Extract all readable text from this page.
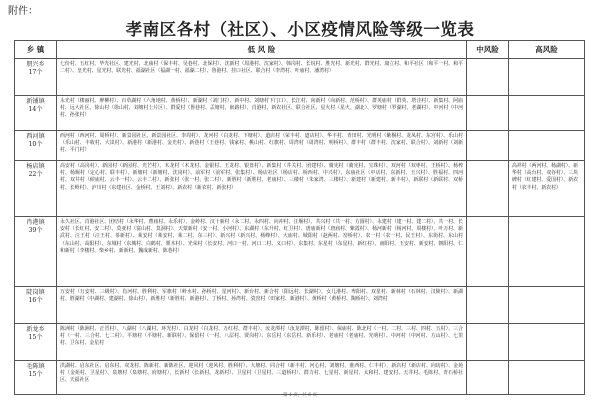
附件：
孝南区各村（社区）、小区疫情风险等级一览表
乡 镇	低 风 险	中风险	高风险
朋兴乡
17个	七份村、五红村、毕光社区、建光村、北庙村（保丰村、吴巷村、北保村）、沈新村（周港村、沈家村）、韩岗村、长垸村、胜光村、新光村、群光村、康立村、和平社区（和平一村、和平二村）、皇光村、星光村、联光村、福湖社区（福湖一村、福湖二村）、鲁港村、挂口社区、联合村（李湾村、叶庙村、潘湾村）		
新铺镇
14个	永光村（楼丽村、廖柳村）、百草湖村（六角地村、黄桥村）、新湖村（刘门村）、新中村、刘塘村下门口）、长江村、向新村（向新村、范桥村）、群英庙村（群英、塔洼村）、新集村、阿庙村、远大社区、徐山村（徐山村、刘塘村上片区）、群爱村（鲁巷村、盂塘村、嵌路村）、肖港村、新农社区、联合社区、星火村（星火、湖北）、罗塘村（罗湖村、老湖村）、中河村（中河村、孙张村）		
西河镇
10个	西河村（西河村、周桥村）、新景园社区、新景园社区、李周村）、龙河村（白龙村、下塘村）、道店村（荣丰村、道店村）、华丰村、青田村、光明村（紫桐村、龙凤村、东宫村）、乐山村（乐山村、丰收村、大岚村）、新港村（新港村、金光村）、新巷村（王巷村、钱家村、桃山村、红旗村、周湾村（周湾村、明桥村）、群丰村（群丰村、沈家村、联合村）、刘新村（刘新村、平门村）		
杨店镇
22个	高安村（高岗村）、新园村（新园村、光芒村）、木龙村（木龙村、金银村、玉龙村、银盘村）、新集村（井关村、团建村）、骑宪村（骑宪村、宝珠村）、双河村（双枣村、王桥村）、杨榨村、杨堰村（定心村、联丰村）、新塘村（新塘村、沈岗村）、前军村（前军村、张集村）、杨店社区（杨店村、桥西村、中兴村）、东庙社区（中店村、东新村、玉兴村）、胜福村、四河村、双井村（候庙村、云丰一村）、云丰二村）、新张村（张一村、张二村）、新胜村（新胜村、老庙村）、三楼村（朱家湾、三楼村）、新建村（新建村、新丰村）、新联村（新联村、双桥村、长岭村）、泸川村（东建社区、金桥村、王刘村）、新农村（新农村、新张村）		高祥村（两河村、杨湖村）、新华村（高台村、双谷村）、三块碑村（红建村、爱国村）、新农村（农丰村、新农村）
肖港镇
39个	永久社区、肖港社区、团结村（永华村、曹庙村、永乐村）、金岭村、汉十新村（永二村、永四村、向冲村、汪堰村）、共兴村（共一村、方圆村）、永建村（建一村、建二村）、共一村、长安村（长红村、安二村）、莫亚村（富山村、莫洞村）、天蒙新村（安一村、小河村）、东湖村（东升村、红卫村）、唐庙新村（唐庙村、紫霞村）、杨河新村（杨河村、周楼村）、叶万村、新武村、汪王村（汪王村、茶新村）、莱安村（莱安村、莱二村、东三村）、新兴村（新兴村、杨峰村）、大庙村、城阳村（赵两村、窑桥村）、农一村（农一村、民王村）、东街村、东山村（东山村、高阳村）、东城村（东城村、白鹤村、栗木村）、光荣村（长安村、河口一村、河口二村、义口村）、东集村、东星村（东星村、新红村）、南阳村、玉安村、新安村、朝阳村、仁和新村（李楼村、柴乡村、新新村、魏成新村、陈巷村）		
陡岗镇
16个	万安村（万安村、三级村）、肖河村、胜利村、军旗村（岭水村、孙桥村、星河村）、新台村、新合村（阳远村、长湖村）、女儿港村、卑阳村、双星村、新林村（石林村、汉陵村）、新湖村、胜湖村（中湖村、建湖村、徐山村）、新胜村（新胜村、新港村）、丁桥村、孙湾村、瓷窑村（田家村、新港村）、黄桥村（黄桥村、陶桥村）、刘湾村		
新龙乡
15个	陈洲村（陈洲村、正晋村）、八湖村（八湖村、环光村）、白龙村（白龙村、万红村、群丰村）、汝龙潭村（汝龙潭村、陈留村）、保庙村、陈北村（一村、二村、三村、四村、五村）、三合村（一村、三合村、七二村）、平塘村（平塘村、新联村）、保留村（一村、八层村、贾岗村）、东岳村（东岳村、新乐村）、老庙村（老庙村、光明村）、中河村（中河村、方山村）、七里村、卫东村、金星村		
毛陈镇
15个	洪湖村、启东社区、启东村、双龙村、陈新村、新陈社区、迎风村（迎风村、胜利村）、大塘村、同合村（新丰村、河心村、刘塘村、淮西村、仁丰村）、新店村（新店村、向坊村）、金苑村（金苑村、卫星村）、泉塘村（泉塘村、府塘村）、长新村（长新村、龙新村）、卫星村（卫星村、三道桥村）、群力村、七星村、新星村、太和村、建安村、天井村、毛陈村、青石桥社区、天福社区		
第 1 页，共 6 页
